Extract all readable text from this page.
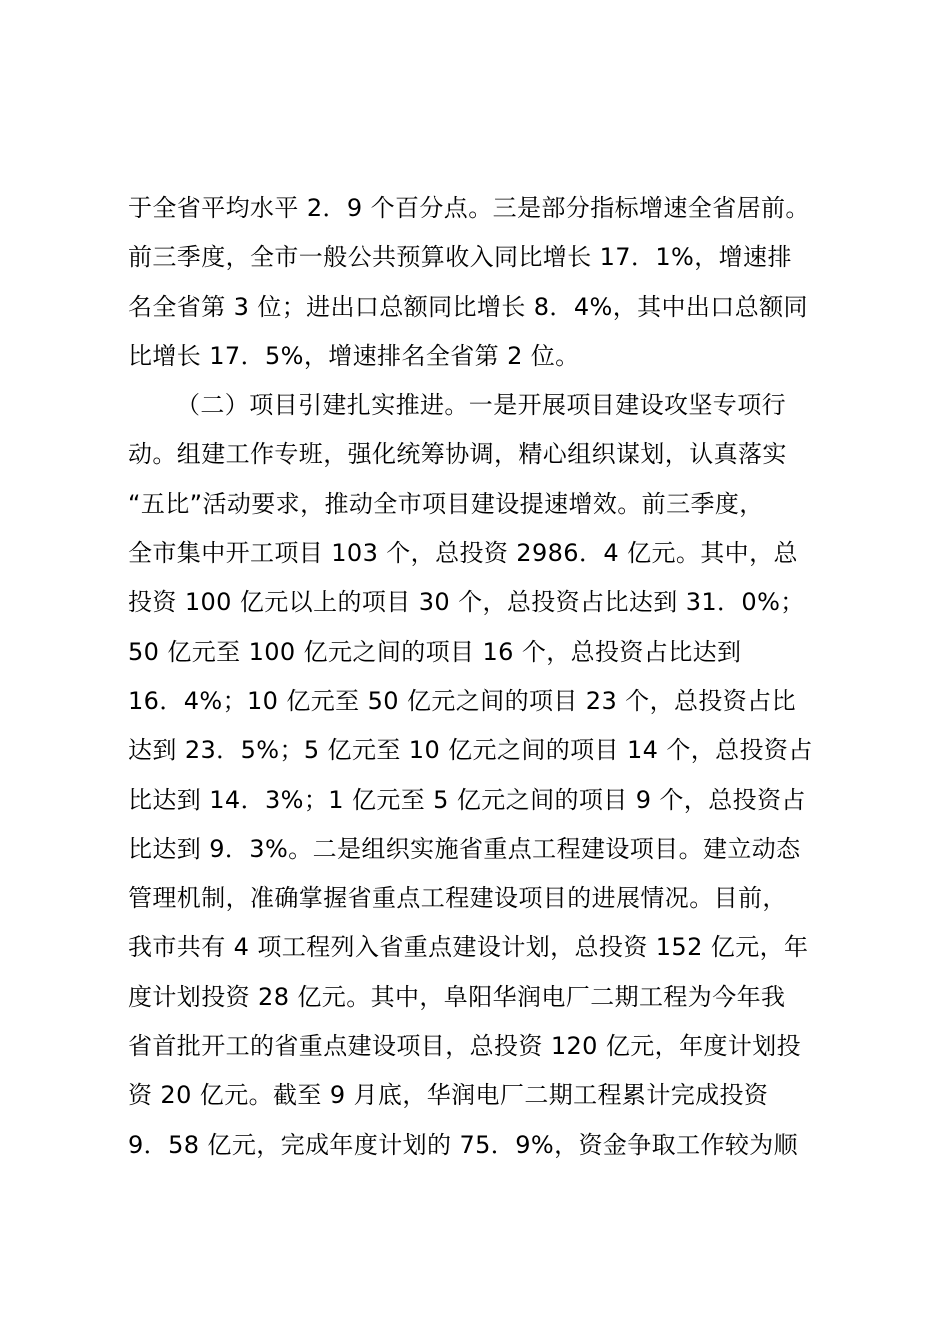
于全省平均水平 2．9 个百分点。三是部分指标增速全省居前。
前三季度，全市一般公共预算收入同比增长 17．1%，增速排
名全省第 3 位；进出口总额同比增长 8．4%，其中出口总额同
比增长 17．5%，增速排名全省第 2 位。
（二）项目引建扎实推进。一是开展项目建设攻坚专项行
动。组建工作专班，强化统筹协调，精心组织谋划，认真落实
“五比”活动要求，推动全市项目建设提速增效。前三季度，
全市集中开工项目 103 个，总投资 2986．4 亿元。其中，总
投资 100 亿元以上的项目 30 个，总投资占比达到 31．0%；
50 亿元至 100 亿元之间的项目 16 个，总投资占比达到
16．4%；10 亿元至 50 亿元之间的项目 23 个，总投资占比
达到 23．5%；5 亿元至 10 亿元之间的项目 14 个，总投资占
比达到 14．3%；1 亿元至 5 亿元之间的项目 9 个，总投资占
比达到 9．3%。二是组织实施省重点工程建设项目。建立动态
管理机制，准确掌握省重点工程建设项目的进展情况。目前，
我市共有 4 项工程列入省重点建设计划，总投资 152 亿元，年
度计划投资 28 亿元。其中，阜阳华润电厂二期工程为今年我
省首批开工的省重点建设项目，总投资 120 亿元，年度计划投
资 20 亿元。截至 9 月底，华润电厂二期工程累计完成投资
9．58 亿元，完成年度计划的 75．9%，资金争取工作较为顺
